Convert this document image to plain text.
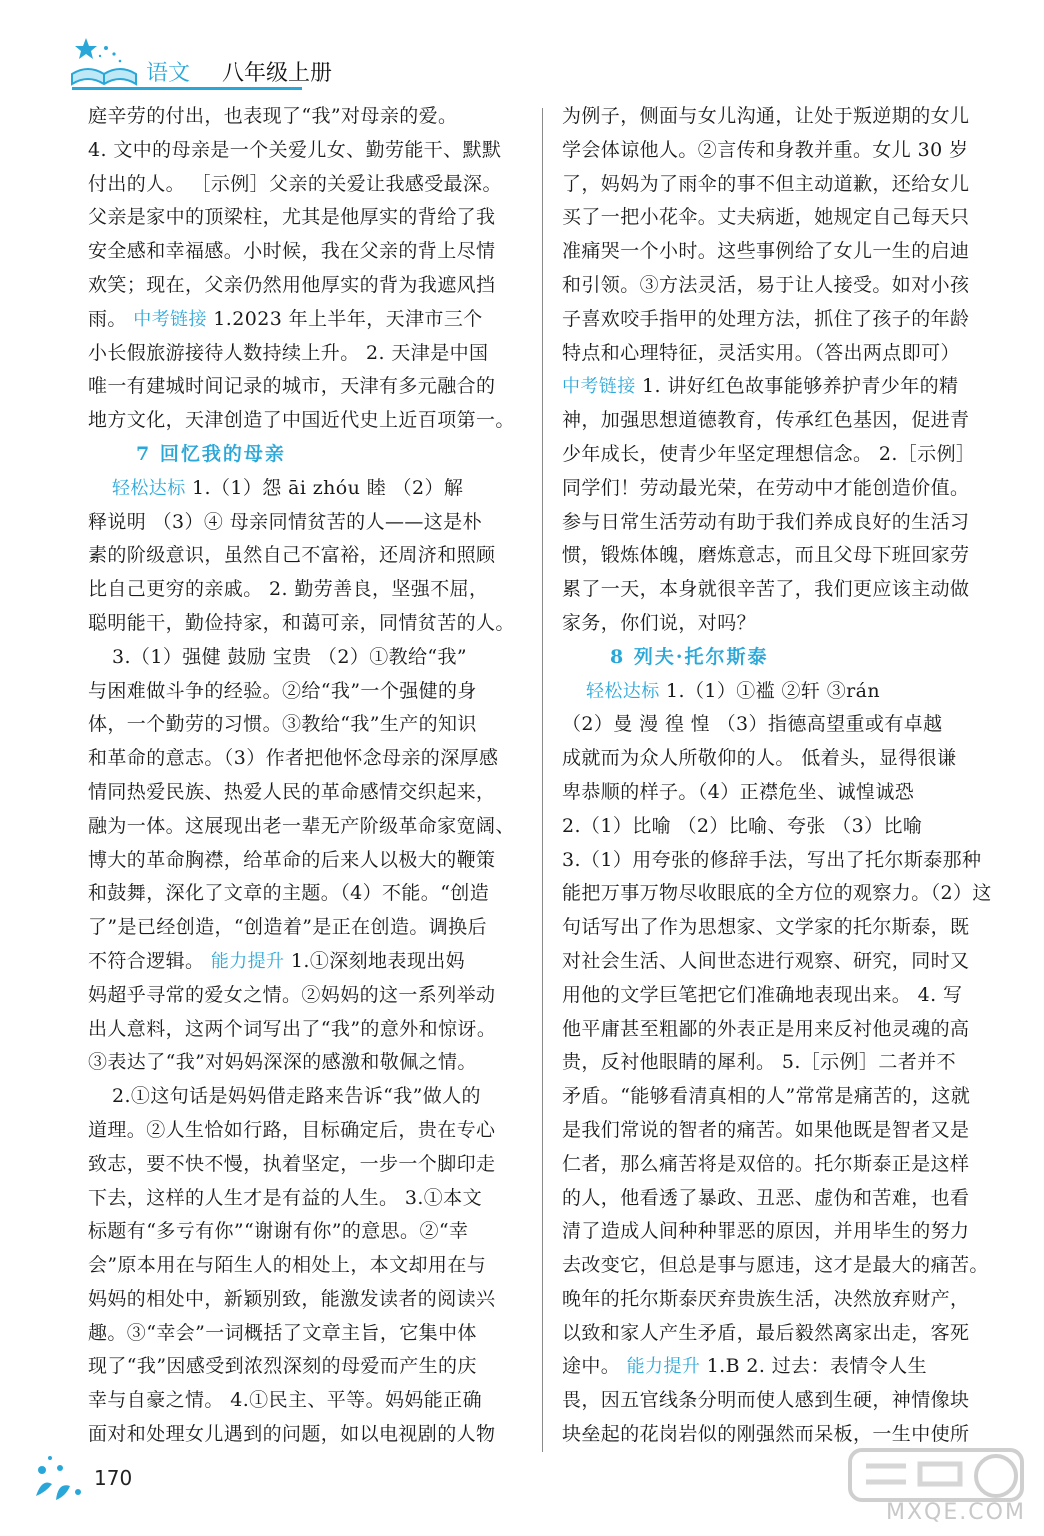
语文 八年级上册
庭辛劳的付出，也表现了“我”对母亲的爱。
4. 文中的母亲是一个关爱儿女、勤劳能干、默默
付出的人。 ［示例］父亲的关爱让我感受最深。
父亲是家中的顶梁柱，尤其是他厚实的背给了我
安全感和幸福感。小时候，我在父亲的背上尽情
欢笑；现在，父亲仍然用他厚实的背为我遮风挡
雨。 中考链接 1.2023 年上半年，天津市三个
小长假旅游接待人数持续上升。 2. 天津是中国
唯一有建城时间记录的城市，天津有多元融合的
地方文化，天津创造了中国近代史上近百项第一。
7 回忆我的母亲
轻松达标 1.（1）怨 āi zhóu 睦 （2）解
释说明 （3）④ 母亲同情贫苦的人——这是朴
素的阶级意识，虽然自己不富裕，还周济和照顾
比自己更穷的亲戚。 2. 勤劳善良，坚强不屈，
聪明能干，勤俭持家，和蔼可亲，同情贫苦的人。
3.（1）强健 鼓励 宝贵 （2）①教给“我”
与困难做斗争的经验。②给“我”一个强健的身
体，一个勤劳的习惯。③教给“我”生产的知识
和革命的意志。（3）作者把他怀念母亲的深厚感
情同热爱民族、热爱人民的革命感情交织起来，
融为一体。这展现出老一辈无产阶级革命家宽阔、
博大的革命胸襟，给革命的后来人以极大的鞭策
和鼓舞，深化了文章的主题。（4）不能。“创造
了”是已经创造，“创造着”是正在创造。调换后
不符合逻辑。 能力提升 1.①深刻地表现出妈
妈超乎寻常的爱女之情。②妈妈的这一系列举动
出人意料，这两个词写出了“我”的意外和惊讶。
③表达了“我”对妈妈深深的感激和敬佩之情。
2.①这句话是妈妈借走路来告诉“我”做人的
道理。②人生恰如行路，目标确定后，贵在专心
致志，要不快不慢，执着坚定，一步一个脚印走
下去，这样的人生才是有益的人生。 3.①本文
标题有“多亏有你”“谢谢有你”的意思。②“幸
会”原本用在与陌生人的相处上，本文却用在与
妈妈的相处中，新颖别致，能激发读者的阅读兴
趣。③“幸会”一词概括了文章主旨，它集中体
现了“我”因感受到浓烈深刻的母爱而产生的庆
幸与自豪之情。 4.①民主、平等。妈妈能正确
面对和处理女儿遇到的问题，如以电视剧的人物
为例子，侧面与女儿沟通，让处于叛逆期的女儿
学会体谅他人。②言传和身教并重。女儿 30 岁
了，妈妈为了雨伞的事不但主动道歉，还给女儿
买了一把小花伞。丈夫病逝，她规定自己每天只
准痛哭一个小时。这些事例给了女儿一生的启迪
和引领。③方法灵活，易于让人接受。如对小孩
子喜欢咬手指甲的处理方法，抓住了孩子的年龄
特点和心理特征，灵活实用。（答出两点即可）
中考链接 1. 讲好红色故事能够养护青少年的精
神，加强思想道德教育，传承红色基因，促进青
少年成长，使青少年坚定理想信念。 2.［示例］
同学们！劳动最光荣，在劳动中才能创造价值。
参与日常生活劳动有助于我们养成良好的生活习
惯，锻炼体魄，磨炼意志，而且父母下班回家劳
累了一天，本身就很辛苦了，我们更应该主动做
家务，你们说，对吗？
8 列夫·托尔斯泰
轻松达标 1.（1）①褴 ②轩 ③rán
（2）曼 漫 徨 惶 （3）指德高望重或有卓越
成就而为众人所敬仰的人。 低着头，显得很谦
卑恭顺的样子。（4）正襟危坐、诚惶诚恐
2.（1）比喻 （2）比喻、夸张 （3）比喻
3.（1）用夸张的修辞手法，写出了托尔斯泰那种
能把万事万物尽收眼底的全方位的观察力。（2）这
句话写出了作为思想家、文学家的托尔斯泰，既
对社会生活、人间世态进行观察、研究，同时又
用他的文学巨笔把它们准确地表现出来。 4. 写
他平庸甚至粗鄙的外表正是用来反衬他灵魂的高
贵，反衬他眼睛的犀利。 5.［示例］二者并不
矛盾。“能够看清真相的人”常常是痛苦的，这就
是我们常说的智者的痛苦。如果他既是智者又是
仁者，那么痛苦将是双倍的。托尔斯泰正是这样
的人，他看透了暴政、丑恶、虚伪和苦难，也看
清了造成人间种种罪恶的原因，并用毕生的努力
去改变它，但总是事与愿违，这才是最大的痛苦。
晚年的托尔斯泰厌弃贵族生活，决然放弃财产，
以致和家人产生矛盾，最后毅然离家出走，客死
途中。 能力提升 1.B 2. 过去：表情令人生
畏，因五官线条分明而使人感到生硬，神情像块
块垒起的花岗岩似的刚强然而呆板，一生中使所
170
MXQE.COM
